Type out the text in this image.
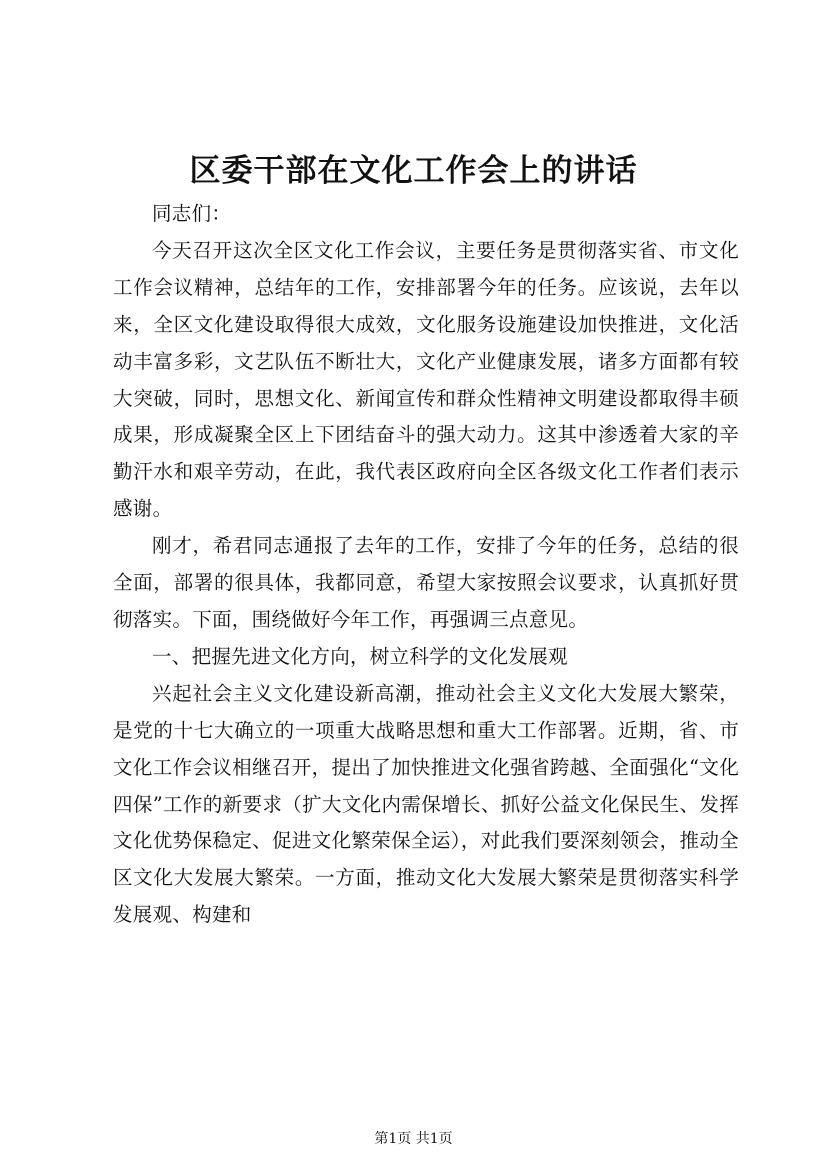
区委干部在文化工作会上的讲话

同志们：

今天召开这次全区文化工作会议，主要任务是贯彻落实省、市文化工作会议精神，总结年的工作，安排部署今年的任务。应该说，去年以来，全区文化建设取得很大成效，文化服务设施建设加快推进，文化活动丰富多彩，文艺队伍不断壮大，文化产业健康发展，诸多方面都有较大突破，同时，思想文化、新闻宣传和群众性精神文明建设都取得丰硕成果，形成凝聚全区上下团结奋斗的强大动力。这其中渗透着大家的辛勤汗水和艰辛劳动，在此，我代表区政府向全区各级文化工作者们表示感谢。

刚才，希君同志通报了去年的工作，安排了今年的任务，总结的很全面，部署的很具体，我都同意，希望大家按照会议要求，认真抓好贯彻落实。下面，围绕做好今年工作，再强调三点意见。

一、把握先进文化方向，树立科学的文化发展观

兴起社会主义文化建设新高潮，推动社会主义文化大发展大繁荣，是党的十七大确立的一项重大战略思想和重大工作部署。近期，省、市文化工作会议相继召开，提出了加快推进文化强省跨越、全面强化“文化四保”工作的新要求（扩大文化内需保增长、抓好公益文化保民生、发挥文化优势保稳定、促进文化繁荣保全运），对此我们要深刻领会，推动全区文化大发展大繁荣。一方面，推动文化大发展大繁荣是贯彻落实科学发展观、构建和

第1页 共1页
